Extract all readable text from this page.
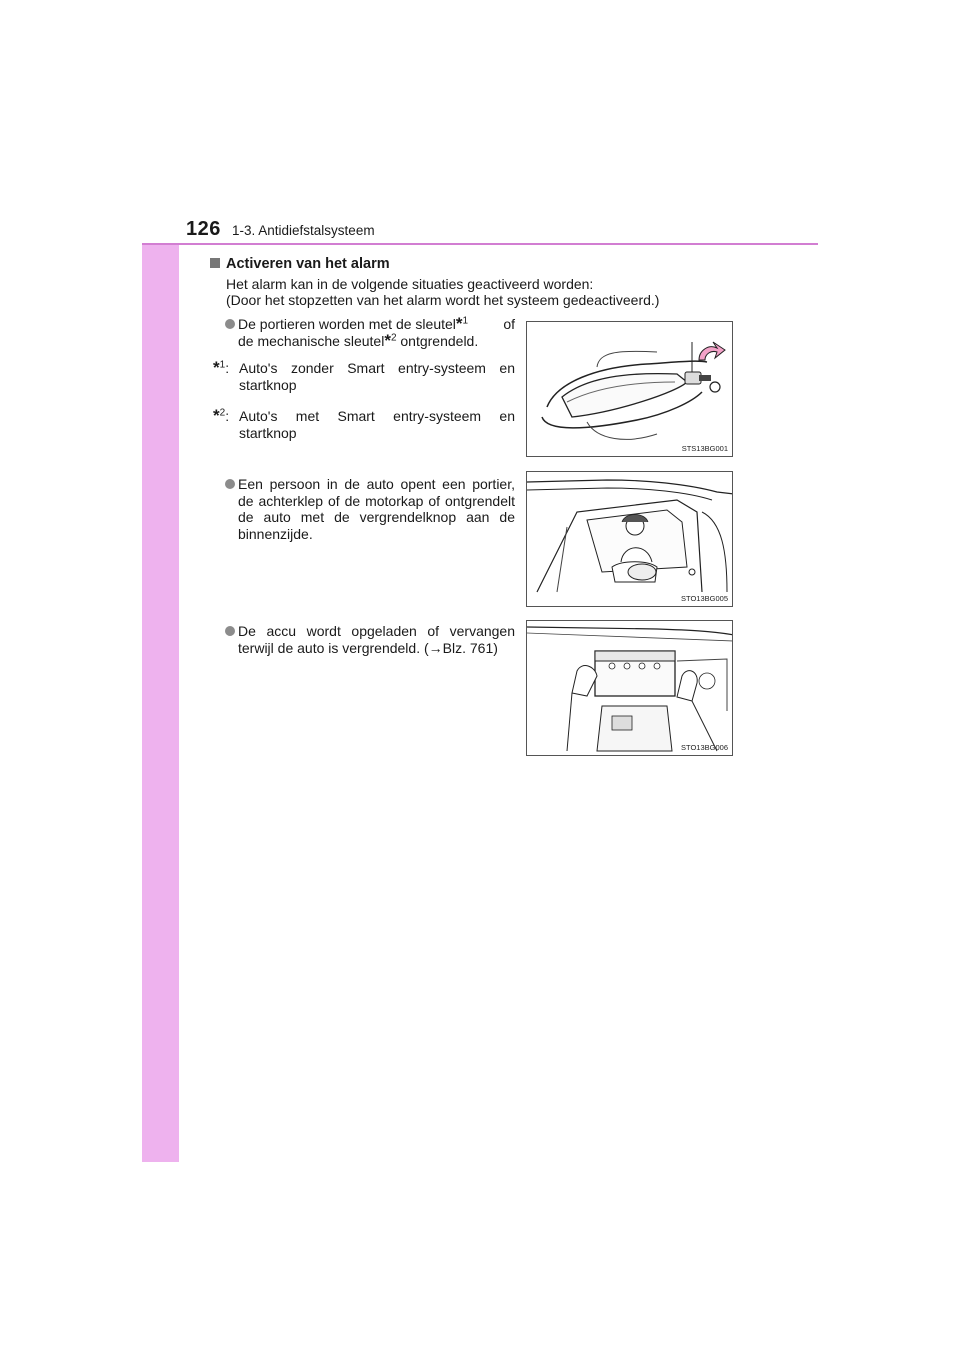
126 1-3. Antidiefstalsysteem
Activeren van het alarm
Het alarm kan in de volgende situaties geactiveerd worden:
(Door het stopzetten van het alarm wordt het systeem gedeactiveerd.)
De portieren worden met de sleutel*$^1$	of
de mechanische sleutel*$^2$ ontgrendeld.
*$^1$: Auto's zonder Smart entry-systeem en startknop
*$^2$: Auto's met Smart entry-systeem en startknop
Een persoon in de auto opent een portier, de achterklep of de motorkap of ontgrendelt de auto met de vergrendelknop aan de binnenzijde.
De accu wordt opgeladen of vervangen terwijl de auto is vergrendeld. (→Blz. 761)
STS13BG001
STO13BG005
STO13BG006
